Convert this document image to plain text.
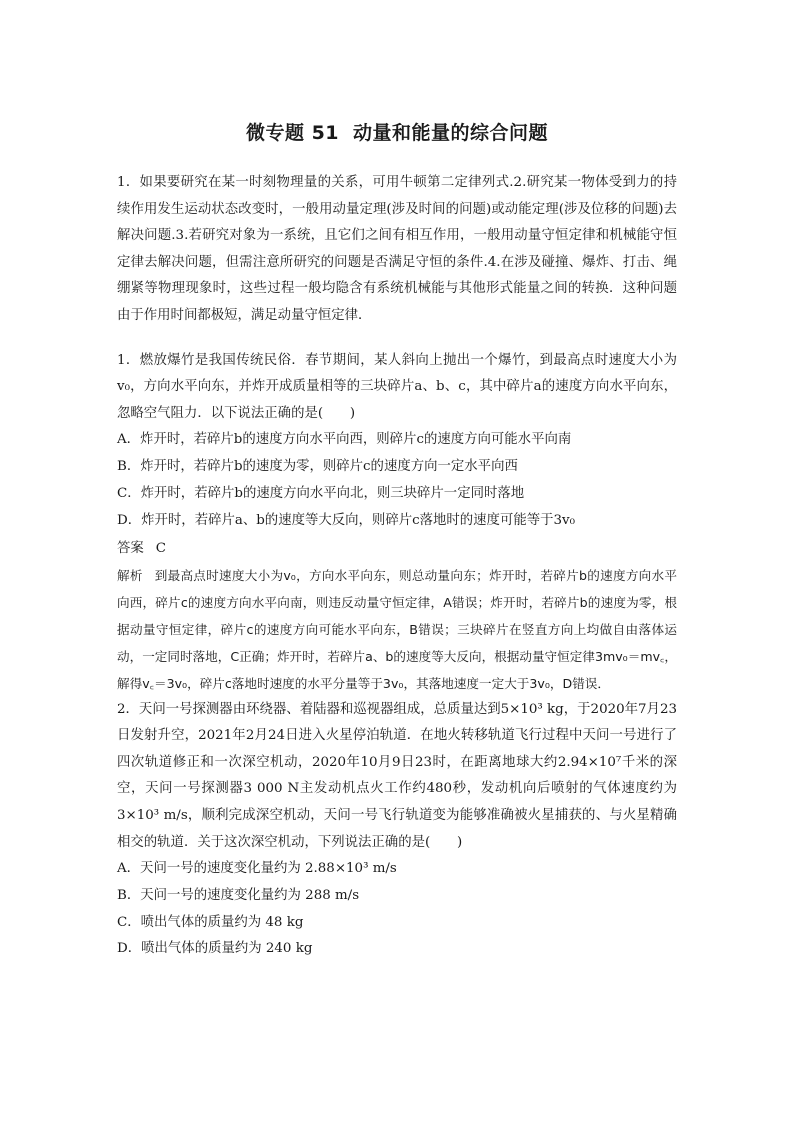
微专题 51 动量和能量的综合问题

1．如果要研究在某一时刻物理量的关系，可用牛顿第二定律列式.2.研究某一物体受到力的持续作用发生运动状态改变时，一般用动量定理(涉及时间的问题)或动能定理(涉及位移的问题)去解决问题.3.若研究对象为一系统，且它们之间有相互作用，一般用动量守恒定律和机械能守恒定律去解决问题，但需注意所研究的问题是否满足守恒的条件.4.在涉及碰撞、爆炸、打击、绳绷紧等物理现象时，这些过程一般均隐含有系统机械能与其他形式能量之间的转换．这种问题由于作用时间都极短，满足动量守恒定律．

1．燃放爆竹是我国传统民俗．春节期间，某人斜向上抛出一个爆竹，到最高点时速度大小为v₀，方向水平向东，并炸开成质量相等的三块碎片a、b、c，其中碎片a的速度方向水平向东，忽略空气阻力．以下说法正确的是(　　)

A．炸开时，若碎片b的速度方向水平向西，则碎片c的速度方向可能水平向南

B．炸开时，若碎片b的速度为零，则碎片c的速度方向一定水平向西

C．炸开时，若碎片b的速度方向水平向北，则三块碎片一定同时落地

D．炸开时，若碎片a、b的速度等大反向，则碎片c落地时的速度可能等于3v₀

答案 C

解析 到最高点时速度大小为v₀，方向水平向东，则总动量向东；炸开时，若碎片b的速度方向水平向西，碎片c的速度方向水平向南，则违反动量守恒定律，A错误；炸开时，若碎片b的速度为零，根据动量守恒定律，碎片c的速度方向可能水平向东，B错误；三块碎片在竖直方向上均做自由落体运动，一定同时落地，C正确；炸开时，若碎片a、b的速度等大反向，根据动量守恒定律3mv₀＝mv꜀，解得v꜀＝3v₀，碎片c落地时速度的水平分量等于3v₀，其落地速度一定大于3v₀，D错误．

2．天问一号探测器由环绕器、着陆器和巡视器组成，总质量达到5×10³ kg，于2020年7月23日发射升空，2021年2月24日进入火星停泊轨道．在地火转移轨道飞行过程中天问一号进行了四次轨道修正和一次深空机动，2020年10月9日23时，在距离地球大约2.94×10⁷千米的深空，天问一号探测器3 000 N主发动机点火工作约480秒，发动机向后喷射的气体速度约为3×10³ m/s，顺利完成深空机动，天问一号飞行轨道变为能够准确被火星捕获的、与火星精确相交的轨道．关于这次深空机动，下列说法正确的是(　　)

A．天问一号的速度变化量约为 2.88×10³ m/s

B．天问一号的速度变化量约为 288 m/s

C．喷出气体的质量约为 48 kg

D．喷出气体的质量约为 240 kg
